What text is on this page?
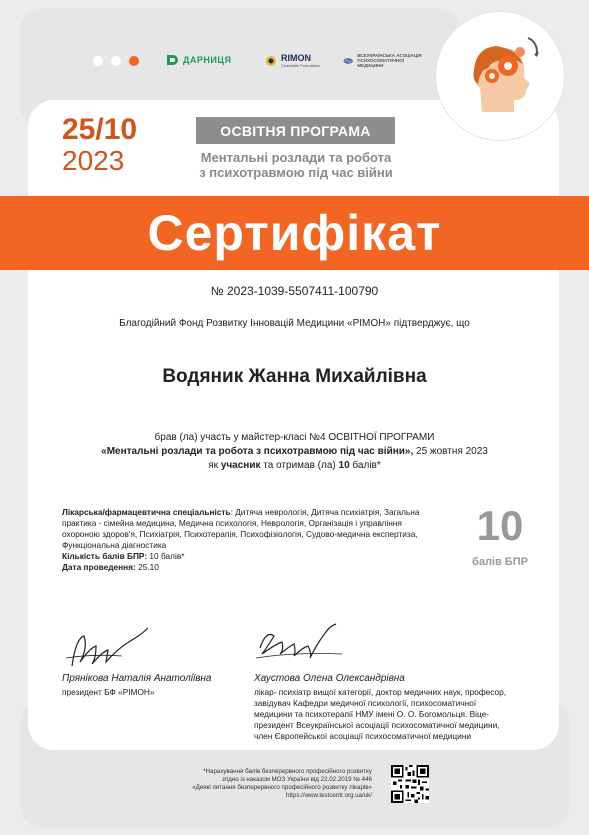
ДАРНИЦЯ	RIMON
Charitable Foundation
ВСЕУКРАЇНСЬКА АСОЦІАЦІЯ ПСИХОСОМАТИЧНОЇ МЕДИЦИНИ
25/10
2023
ОСВІТНЯ ПРОГРАМА
Ментальні розлади та робота
з психотравмою під час війни
Сертифікат
№ 2023-1039-5507411-100790
Благодійний Фонд Розвитку Інновацій Медицини «РІМОН» підтверджує, що
Водяник Жанна Михайлівна
брав (ла) участь у майстер-класі №4 ОСВІТНОЇ ПРОГРАМИ
«Ментальні розлади та робота з психотравмою під час війни», 25 жовтня 2023
як учасник та отримав (ла) 10 балів*
Лікарська/фармацевтична спеціальність: Дитяча неврологія, Дитяча психіатрія, Загальна практика - сімейна медицина, Медична психологія, Неврологія, Організація і управління охороною здоров'я, Психіатрія, Психотерапія, Психофізіологія, Судово-медична експертиза, Функціональна діагностика
Кількість балів БПР: 10 балів*
Дата проведення: 25.10
10
балів БПР
Прянікова Наталія Анатоліївна
президент БФ «РІМОН»
Хаустова Олена Олександрівна
лікар- психіатр вищої категорії, доктор медичних наук, професор,
завідувач Кафедри медичної психології, психосоматичної
медицини та психотерапії НМУ імені О. О. Богомольця. Віце-
президент Всеукраїнської асоціації психосоматичної медицини,
член Європейської асоціації психосоматичної медицини
*Нарахування балів безперервного професійного розвитку
згідно із наказом МОЗ України від 22.02.2019 № 446
«Деякі питання безперервного професійного розвитку лікарів»
https://www.testcentr.org.ua/uk/
